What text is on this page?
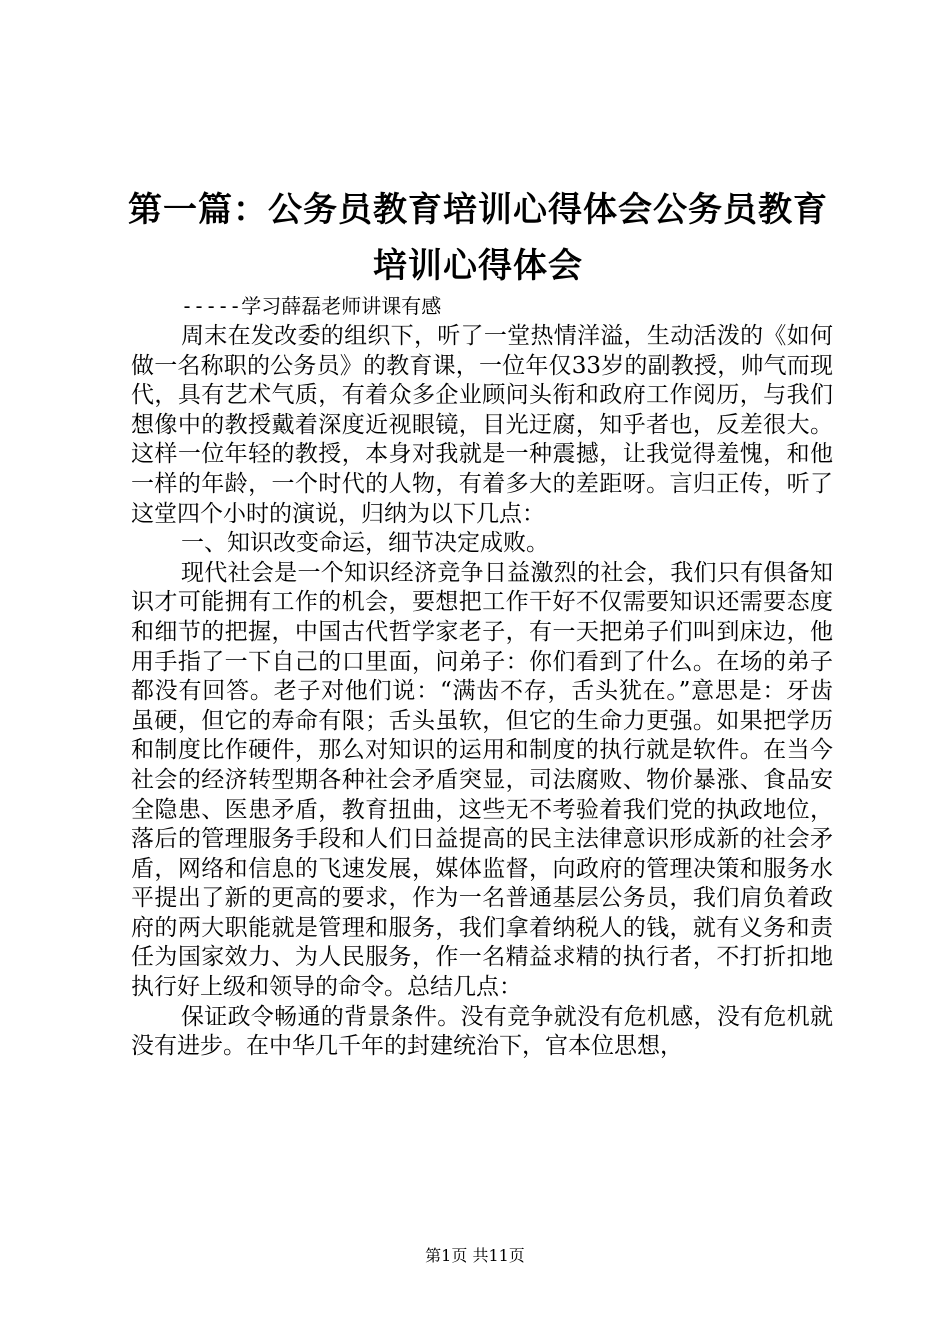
第一篇：公务员教育培训心得体会公务员教育培训心得体会

-----学习薛磊老师讲课有感

周末在发改委的组织下，听了一堂热情洋溢，生动活泼的《如何做一名称职的公务员》的教育课，一位年仅33岁的副教授，帅气而现代，具有艺术气质，有着众多企业顾问头衔和政府工作阅历，与我们想像中的教授戴着深度近视眼镜，目光迂腐，知乎者也，反差很大。这样一位年轻的教授，本身对我就是一种震撼，让我觉得羞愧，和他一样的年龄，一个时代的人物，有着多大的差距呀。言归正传，听了这堂四个小时的演说，归纳为以下几点：

一、知识改变命运，细节决定成败。

现代社会是一个知识经济竞争日益激烈的社会，我们只有俱备知识才可能拥有工作的机会，要想把工作干好不仅需要知识还需要态度和细节的把握，中国古代哲学家老子，有一天把弟子们叫到床边，他用手指了一下自己的口里面，问弟子：你们看到了什么。在场的弟子都没有回答。老子对他们说：“满齿不存，舌头犹在。”意思是：牙齿虽硬，但它的寿命有限；舌头虽软，但它的生命力更强。如果把学历和制度比作硬件，那么对知识的运用和制度的执行就是软件。在当今社会的经济转型期各种社会矛盾突显，司法腐败、物价暴涨、食品安全隐患、医患矛盾，教育扭曲，这些无不考验着我们党的执政地位，落后的管理服务手段和人们日益提高的民主法律意识形成新的社会矛盾，网络和信息的飞速发展，媒体监督，向政府的管理决策和服务水平提出了新的更高的要求，作为一名普通基层公务员，我们肩负着政府的两大职能就是管理和服务，我们拿着纳税人的钱，就有义务和责任为国家效力、为人民服务，作一名精益求精的执行者，不打折扣地执行好上级和领导的命令。总结几点：

保证政令畅通的背景条件。没有竞争就没有危机感，没有危机就没有进步。在中华几千年的封建统治下，官本位思想，

第1页 共11页
